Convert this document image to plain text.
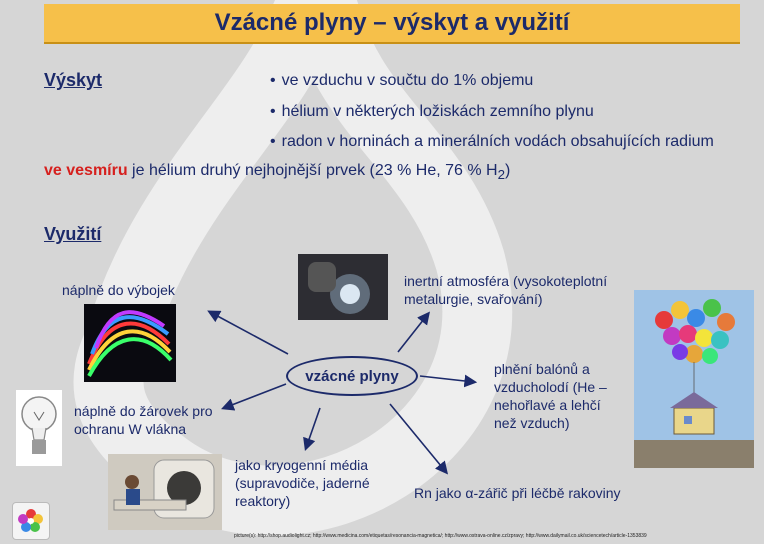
Vzácné plyny – výskyt a využití
Výskyt
•	ve vzduchu v součtu do 1% objemu
• hélium v některých ložiskách zemního plynu
• radon v horninách a minerálních vodách obsahujících radium
ve vesmíru je hélium druhý nejhojnější prvek (23 % He, 76 % $H_2$)
Využití
vzácné plyny
náplně do výbojek
náplně do žárovek pro ochranu W vlákna
jako kryogenní média (supravodiče, jaderné reaktory)
inertní atmosféra (vysokoteplotní metalurgie, svařování)
plnění balónů a vzducholodí (He – nehořlavé a lehčí než vzduch)
Rn jako α-zářič při léčbě rakoviny
picture(s): http://shop.audiolight.cz; http://www.medicina.com/etiquetas/resonancia-magnetica/; http://www.ostrava-online.cz/zpravy; http://www.dailymail.co.uk/sciencetech/article-1353839
